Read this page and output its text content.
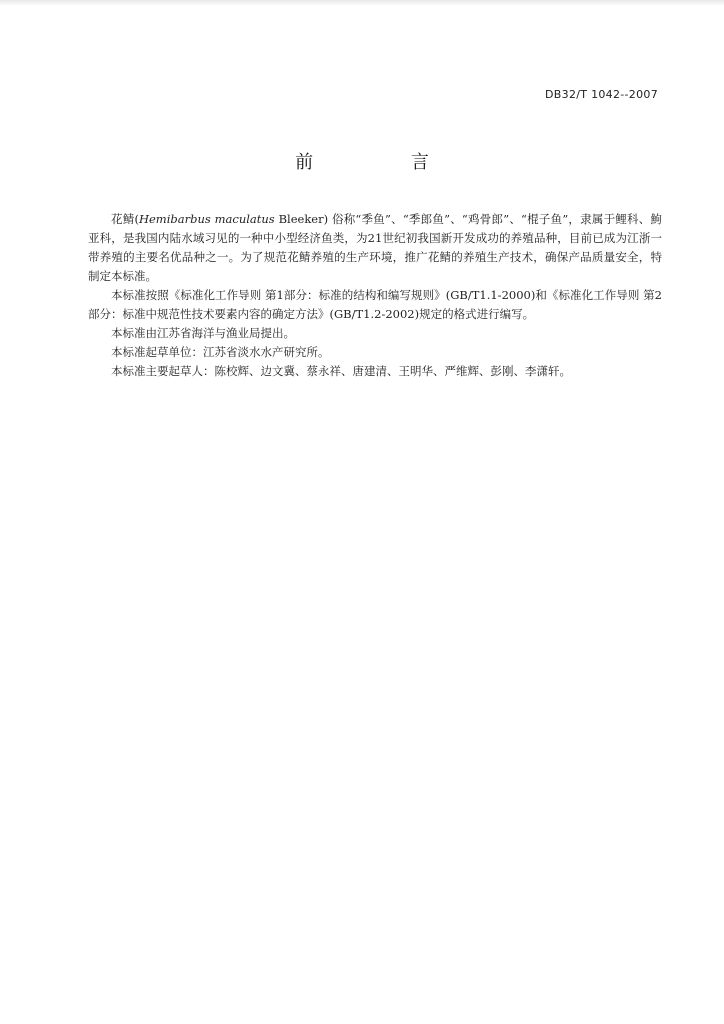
DB32/T 1042--2007
前 言

花鲭(Hemibarbus maculatus Bleeker) 俗称“季鱼”、“季郎鱼”、“鸡骨郎”、“棍子鱼”，隶属于鲤科、鮈亚科，是我国内陆水域习见的一种中小型经济鱼类，为21世纪初我国新开发成功的养殖品种，目前已成为江浙一带养殖的主要名优品种之一。为了规范花鲭养殖的生产环境，推广花鲭的养殖生产技术，确保产品质量安全，特制定本标准。

本标准按照《标准化工作导则 第1部分：标准的结构和编写规则》(GB/T1.1-2000)和《标准化工作导则 第2部分：标准中规范性技术要素内容的确定方法》(GB/T1.2-2002)规定的格式进行编写。

本标准由江苏省海洋与渔业局提出。

本标准起草单位：江苏省淡水水产研究所。

本标准主要起草人：陈校辉、边文冀、蔡永祥、唐建清、王明华、严维辉、彭刚、李潇轩。
